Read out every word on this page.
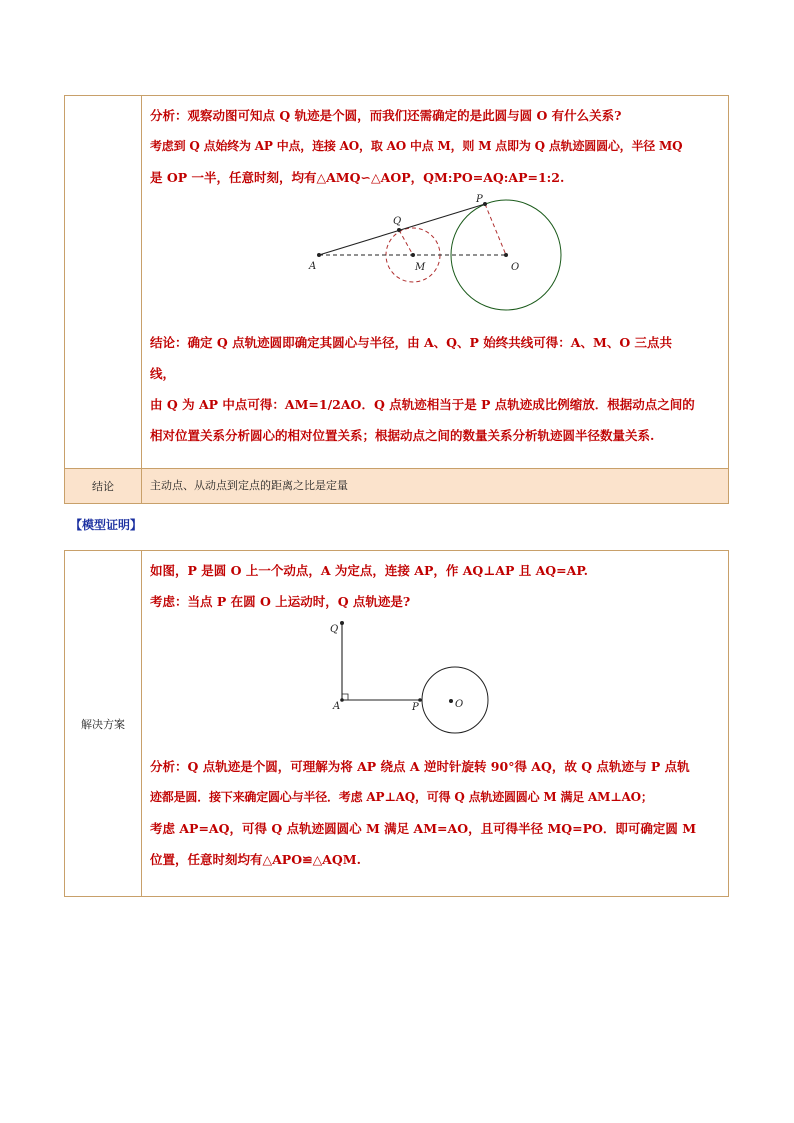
分析：观察动图可知点 Q 轨迹是个圆，而我们还需确定的是此圆与圆 O 有什么关系?

考虑到 Q 点始终为 AP 中点，连接 AO，取 AO 中点 M，则 M 点即为 Q 点轨迹圆圆心，半径 MQ

是 OP 一半，任意时刻，均有△AMQ∽△AOP，QM:PO=AQ:AP=1:2.

A
Q
M
P
O

结论：确定 Q 点轨迹圆即确定其圆心与半径，由 A、Q、P 始终共线可得：A、M、O 三点共

线，

由 Q 为 AP 中点可得：AM=1/2AO．Q 点轨迹相当于是 P 点轨迹成比例缩放．根据动点之间的

相对位置关系分析圆心的相对位置关系；根据动点之间的数量关系分析轨迹圆半径数量关系.

结论	主动点、从动点到定点的距离之比是定量
【模型证明】
解决方案

如图，P 是圆 O 上一个动点，A 为定点，连接 AP，作 AQ⊥AP 且 AQ=AP.

考虑：当点 P 在圆 O 上运动时，Q 点轨迹是?

Q
A	P	O

分析：Q 点轨迹是个圆，可理解为将 AP 绕点 A 逆时针旋转 90°得 AQ，故 Q 点轨迹与 P 点轨

迹都是圆．接下来确定圆心与半径．考虑 AP⊥AQ，可得 Q 点轨迹圆圆心 M 满足 AM⊥AO；

考虑 AP=AQ，可得 Q 点轨迹圆圆心 M 满足 AM=AO，且可得半径 MQ=PO．即可确定圆 M

位置，任意时刻均有△APO≌△AQM.
